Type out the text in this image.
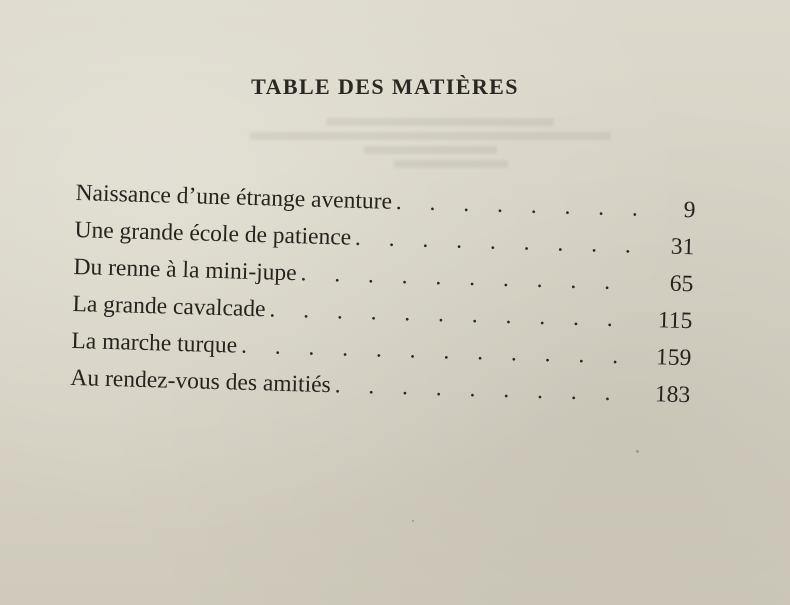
TABLE DES MATIÈRES
Naissance d’une étrange aventure . . .	9
Une grande école de patience . . .	31
Du renne à la mini-jupe . . .	65
La grande cavalcade . . .	115
La marche turque . . .	159
Au rendez-vous des amitiés . . .	183
